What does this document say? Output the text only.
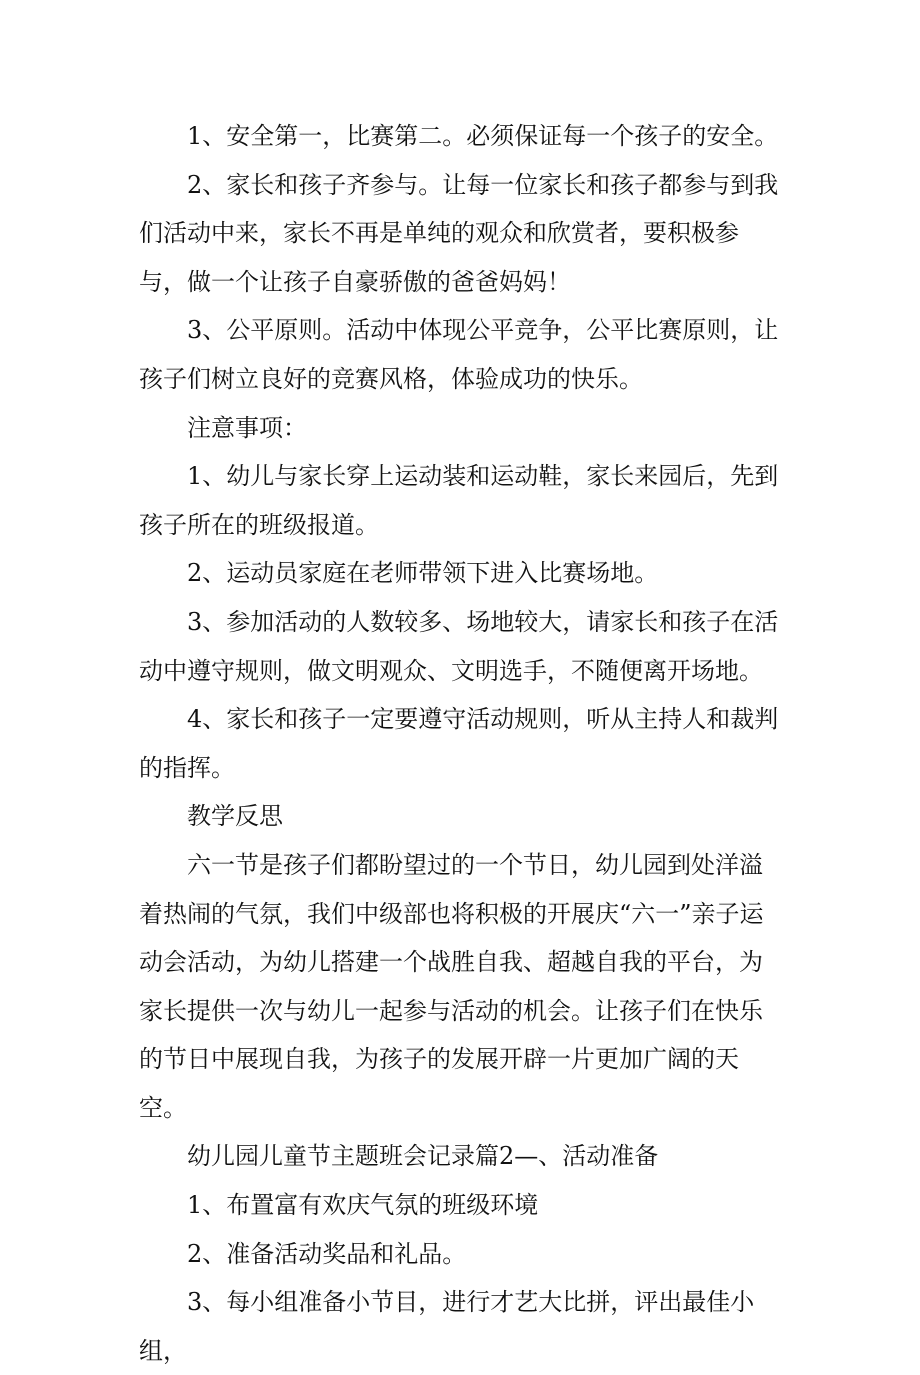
1、安全第一，比赛第二。必须保证每一个孩子的安全。

2、家长和孩子齐参与。让每一位家长和孩子都参与到我们活动中来，家长不再是单纯的观众和欣赏者，要积极参与，做一个让孩子自豪骄傲的爸爸妈妈！

3、公平原则。活动中体现公平竞争，公平比赛原则，让孩子们树立良好的竞赛风格，体验成功的快乐。

注意事项：

1、幼儿与家长穿上运动装和运动鞋，家长来园后，先到孩子所在的班级报道。

2、运动员家庭在老师带领下进入比赛场地。

3、参加活动的人数较多、场地较大，请家长和孩子在活动中遵守规则，做文明观众、文明选手，不随便离开场地。

4、家长和孩子一定要遵守活动规则，听从主持人和裁判的指挥。

教学反思

六一节是孩子们都盼望过的一个节日，幼儿园到处洋溢着热闹的气氛，我们中级部也将积极的开展庆“六一”亲子运动会活动，为幼儿搭建一个战胜自我、超越自我的平台，为家长提供一次与幼儿一起参与活动的机会。让孩子们在快乐的节日中展现自我，为孩子的发展开辟一片更加广阔的天空。

幼儿园儿童节主题班会记录篇2—、活动准备

1、布置富有欢庆气氛的班级环境

2、准备活动奖品和礼品。

3、每小组准备小节目，进行才艺大比拼，评出最佳小组，
